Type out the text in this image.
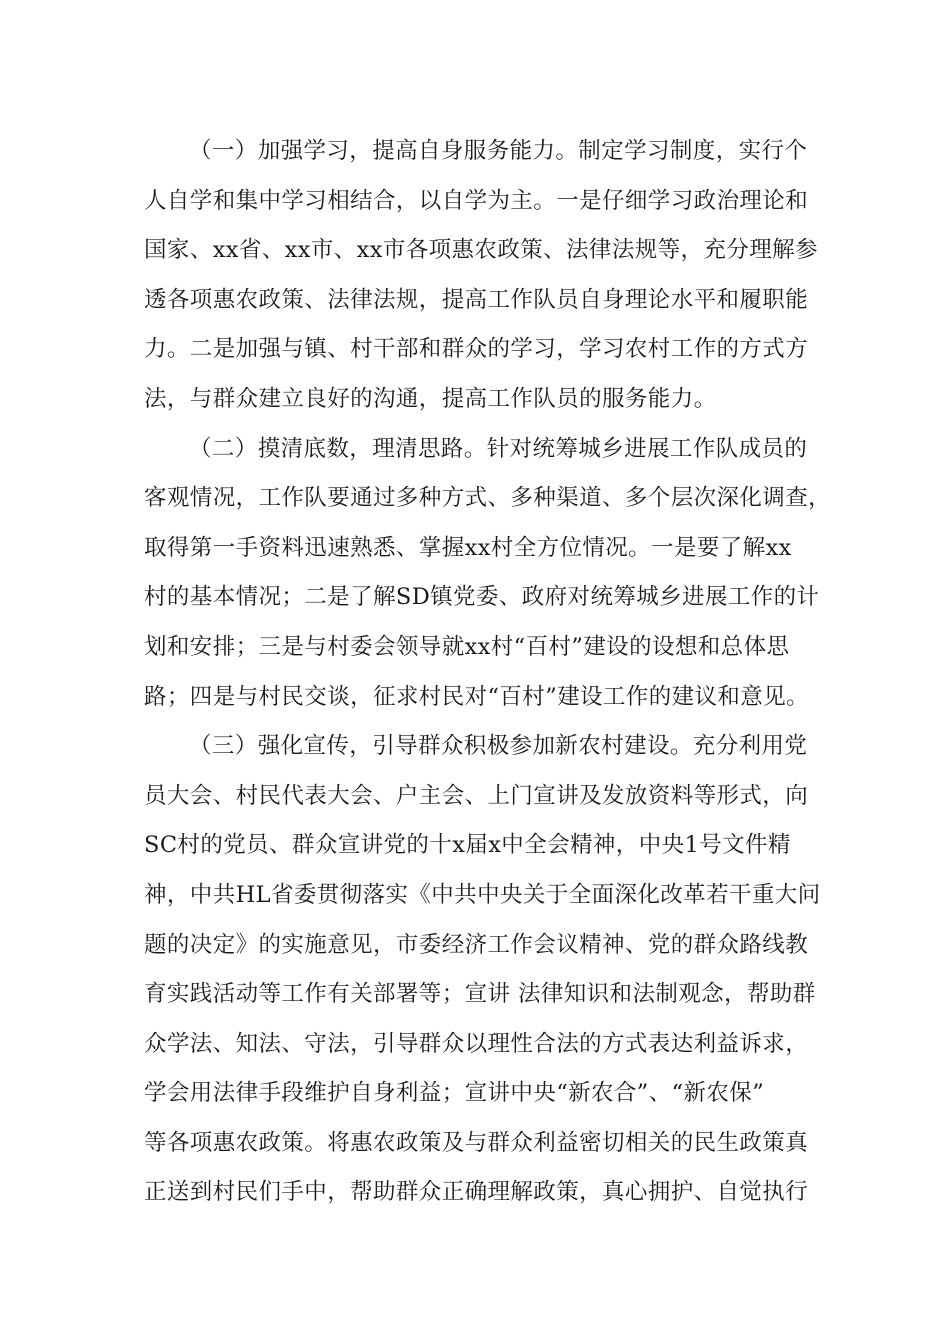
（一）加强学习，提高自身服务能力。制定学习制度，实行个
人自学和集中学习相结合，以自学为主。一是仔细学习政治理论和
国家、xx省、xx市、xx市各项惠农政策、法律法规等，充分理解参
透各项惠农政策、法律法规，提高工作队员自身理论水平和履职能
力。二是加强与镇、村干部和群众的学习，学习农村工作的方式方
法，与群众建立良好的沟通，提高工作队员的服务能力。
（二）摸清底数，理清思路。针对统筹城乡进展工作队成员的
客观情况，工作队要通过多种方式、多种渠道、多个层次深化调查，
取得第一手资料迅速熟悉、掌握xx村全方位情况。一是要了解xx
村的基本情况；二是了解SD镇党委、政府对统筹城乡进展工作的计
划和安排；三是与村委会领导就xx村“百村”建设的设想和总体思
路；四是与村民交谈，征求村民对“百村”建设工作的建议和意见。
（三）强化宣传，引导群众积极参加新农村建设。充分利用党
员大会、村民代表大会、户主会、上门宣讲及发放资料等形式，向
SC村的党员、群众宣讲党的十x届x中全会精神，中央1号文件精
神，中共HL省委贯彻落实《中共中央关于全面深化改革若干重大问
题的决定》的实施意见，市委经济工作会议精神、党的群众路线教
育实践活动等工作有关部署等；宣讲 法律知识和法制观念，帮助群
众学法、知法、守法，引导群众以理性合法的方式表达利益诉求，
学会用法律手段维护自身利益；宣讲中央“新农合”、“新农保”
等各项惠农政策。将惠农政策及与群众利益密切相关的民生政策真
正送到村民们手中，帮助群众正确理解政策，真心拥护、自觉执行
